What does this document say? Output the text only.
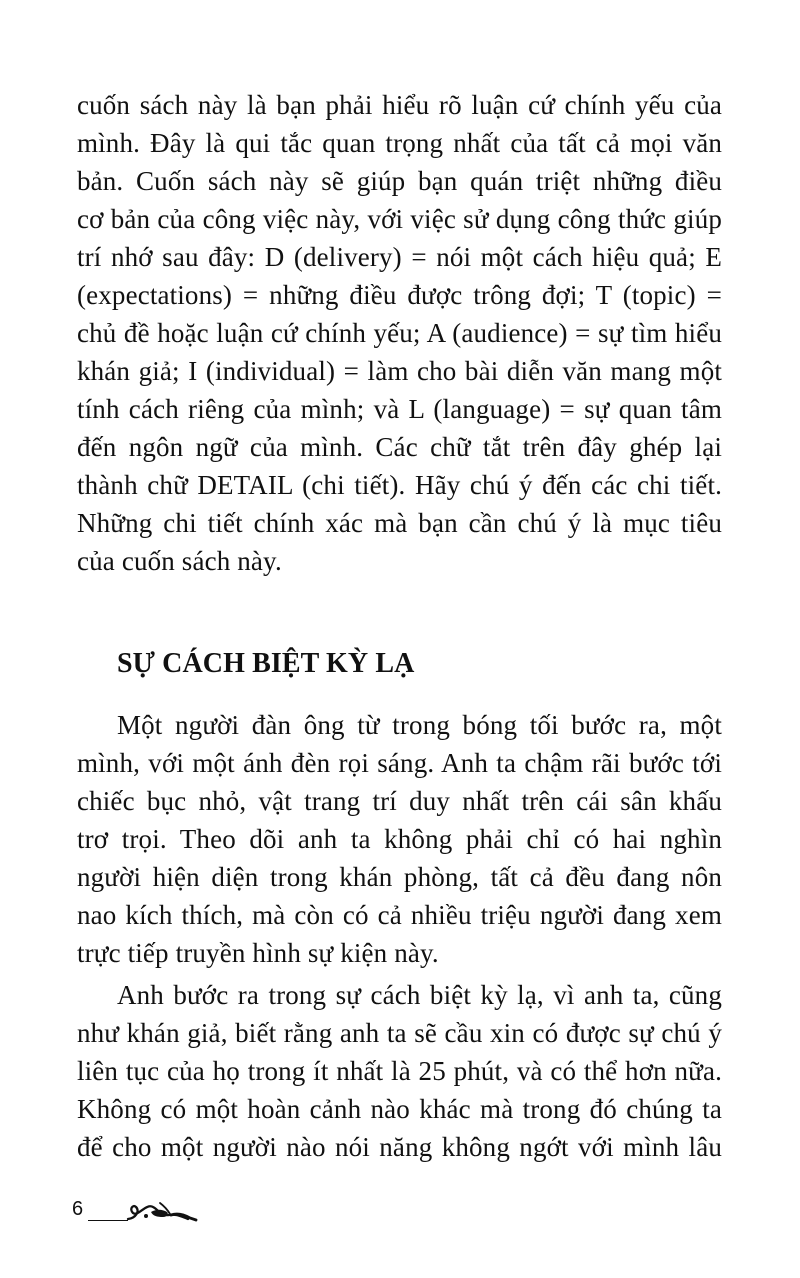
cuốn sách này là bạn phải hiểu rõ luận cứ chính yếu của
mình. Đây là qui tắc quan trọng nhất của tất cả mọi văn
bản. Cuốn sách này sẽ giúp bạn quán triệt những điều
cơ bản của công việc này, với việc sử dụng công thức giúp
trí nhớ sau đây: D (delivery) = nói một cách hiệu quả; E
(expectations) = những điều được trông đợi; T (topic) =
chủ đề hoặc luận cứ chính yếu; A (audience) = sự tìm hiểu
khán giả; I (individual) = làm cho bài diễn văn mang một
tính cách riêng của mình; và L (language) = sự quan tâm
đến ngôn ngữ của mình. Các chữ tắt trên đây ghép lại
thành chữ DETAIL (chi tiết). Hãy chú ý đến các chi tiết.
Những chi tiết chính xác mà bạn cần chú ý là mục tiêu
của cuốn sách này.
SỰ CÁCH BIỆT KỲ LẠ
Một người đàn ông từ trong bóng tối bước ra, một
mình, với một ánh đèn rọi sáng. Anh ta chậm rãi bước tới
chiếc bục nhỏ, vật trang trí duy nhất trên cái sân khấu
trơ trọi. Theo dõi anh ta không phải chỉ có hai nghìn
người hiện diện trong khán phòng, tất cả đều đang nôn
nao kích thích, mà còn có cả nhiều triệu người đang xem
trực tiếp truyền hình sự kiện này.
Anh bước ra trong sự cách biệt kỳ lạ, vì anh ta, cũng
như khán giả, biết rằng anh ta sẽ cầu xin có được sự chú ý
liên tục của họ trong ít nhất là 25 phút, và có thể hơn nữa.
Không có một hoàn cảnh nào khác mà trong đó chúng ta
để cho một người nào nói năng không ngớt với mình lâu
6
